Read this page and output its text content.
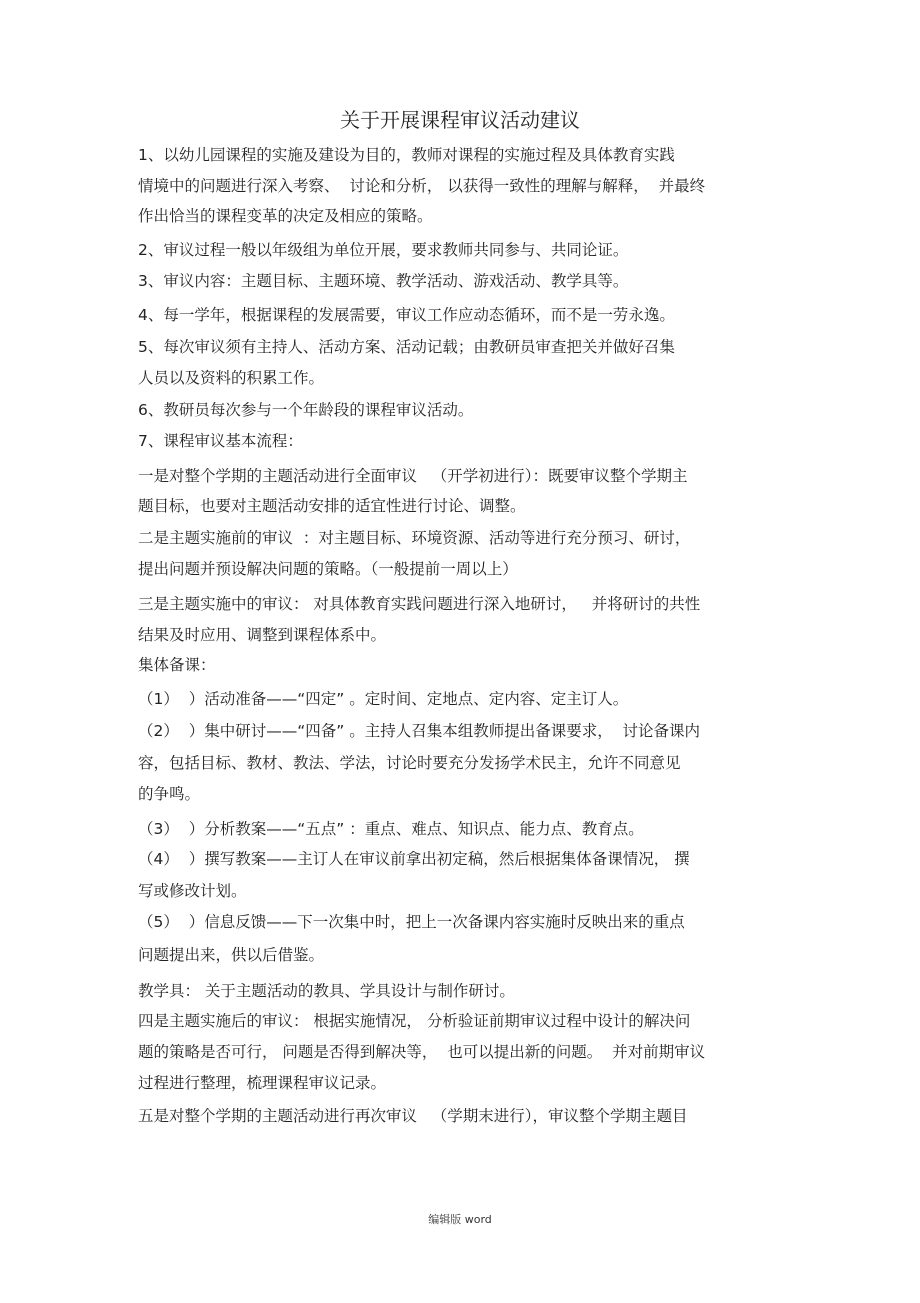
关于开展课程审议活动建议
1、以幼儿园课程的实施及建设为目的，教师对课程的实施过程及具体教育实践
情境中的问题进行深入考察、  讨论和分析， 以获得一致性的理解与解释，  并最终
作出恰当的课程变革的决定及相应的策略。
2、审议过程一般以年级组为单位开展，要求教师共同参与、共同论证。
3、审议内容：主题目标、主题环境、教学活动、游戏活动、教学具等。
4、每一学年，根据课程的发展需要，审议工作应动态循环，而不是一劳永逸。
5、每次审议须有主持人、活动方案、活动记载；由教研员审查把关并做好召集
人员以及资料的积累工作。
6、教研员每次参与一个年龄段的课程审议活动。
7、课程审议基本流程：
一是对整个学期的主题活动进行全面审议   （开学初进行）：既要审议整个学期主
题目标，也要对主题活动安排的适宜性进行讨论、调整。
二是主题实施前的审议  ：对主题目标、环境资源、活动等进行充分预习、研讨，
提出问题并预设解决问题的策略。（一般提前一周以上）
三是主题实施中的审议： 对具体教育实践问题进行深入地研讨，   并将研讨的共性
结果及时应用、调整到课程体系中。
集体备课：
（1）  ）活动准备——“四定” 。定时间、定地点、定内容、定主订人。
（2）  ）集中研讨——“四备” 。主持人召集本组教师提出备课要求，  讨论备课内
容，包括目标、教材、教法、学法，讨论时要充分发扬学术民主，允许不同意见
的争鸣。
（3）  ）分析教案——“五点” ：重点、难点、知识点、能力点、教育点。
（4）  ）撰写教案——主订人在审议前拿出初定稿，然后根据集体备课情况， 撰
写或修改计划。
（5）  ）信息反馈——下一次集中时，把上一次备课内容实施时反映出来的重点
问题提出来，供以后借鉴。
教学具： 关于主题活动的教具、学具设计与制作研讨。
四是主题实施后的审议： 根据实施情况， 分析验证前期审议过程中设计的解决问
题的策略是否可行， 问题是否得到解决等，  也可以提出新的问题。  并对前期审议
过程进行整理，梳理课程审议记录。
五是对整个学期的主题活动进行再次审议   （学期末进行），审议整个学期主题目
编辑版 word
